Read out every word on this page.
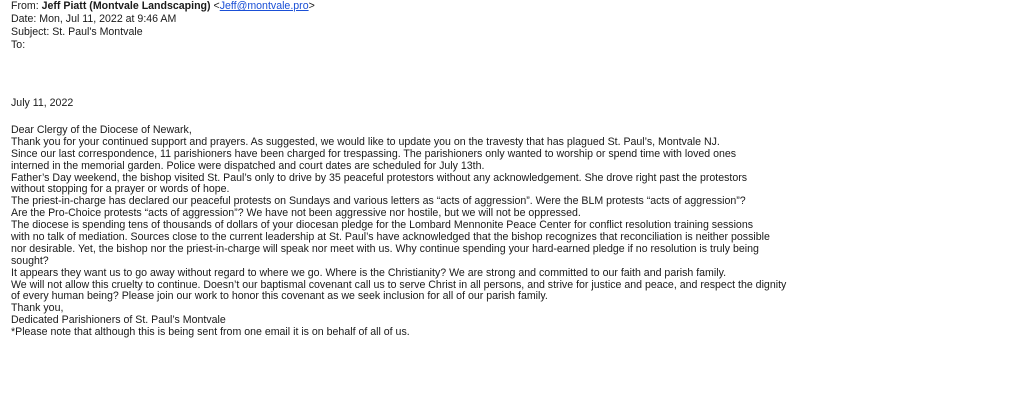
From: Jeff Piatt (Montvale Landscaping) <Jeff@montvale.pro>
Date: Mon, Jul 11, 2022 at 9:46 AM
Subject: St. Paul's Montvale
To:
July 11, 2022
Dear Clergy of the Diocese of Newark,
Thank you for your continued support and prayers. As suggested, we would like to update you on the travesty that has plagued St. Paul’s, Montvale NJ.
Since our last correspondence, 11 parishioners have been charged for trespassing. The parishioners only wanted to worship or spend time with loved ones
interned in the memorial garden. Police were dispatched and court dates are scheduled for July 13th.
Father’s Day weekend, the bishop visited St. Paul’s only to drive by 35 peaceful protestors without any acknowledgement. She drove right past the protestors
without stopping for a prayer or words of hope.
The priest-in-charge has declared our peaceful protests on Sundays and various letters as “acts of aggression”. Were the BLM protests “acts of aggression”?
Are the Pro-Choice protests “acts of aggression”? We have not been aggressive nor hostile, but we will not be oppressed.
The diocese is spending tens of thousands of dollars of your diocesan pledge for the Lombard Mennonite Peace Center for conflict resolution training sessions
with no talk of mediation. Sources close to the current leadership at St. Paul’s have acknowledged that the bishop recognizes that reconciliation is neither possible
nor desirable. Yet, the bishop nor the priest-in-charge will speak nor meet with us. Why continue spending your hard-earned pledge if no resolution is truly being
sought?
It appears they want us to go away without regard to where we go. Where is the Christianity? We are strong and committed to our faith and parish family.
We will not allow this cruelty to continue. Doesn’t our baptismal covenant call us to serve Christ in all persons, and strive for justice and peace, and respect the dignity
of every human being? Please join our work to honor this covenant as we seek inclusion for all of our parish family.
Thank you,
Dedicated Parishioners of St. Paul’s Montvale
*Please note that although this is being sent from one email it is on behalf of all of us.
